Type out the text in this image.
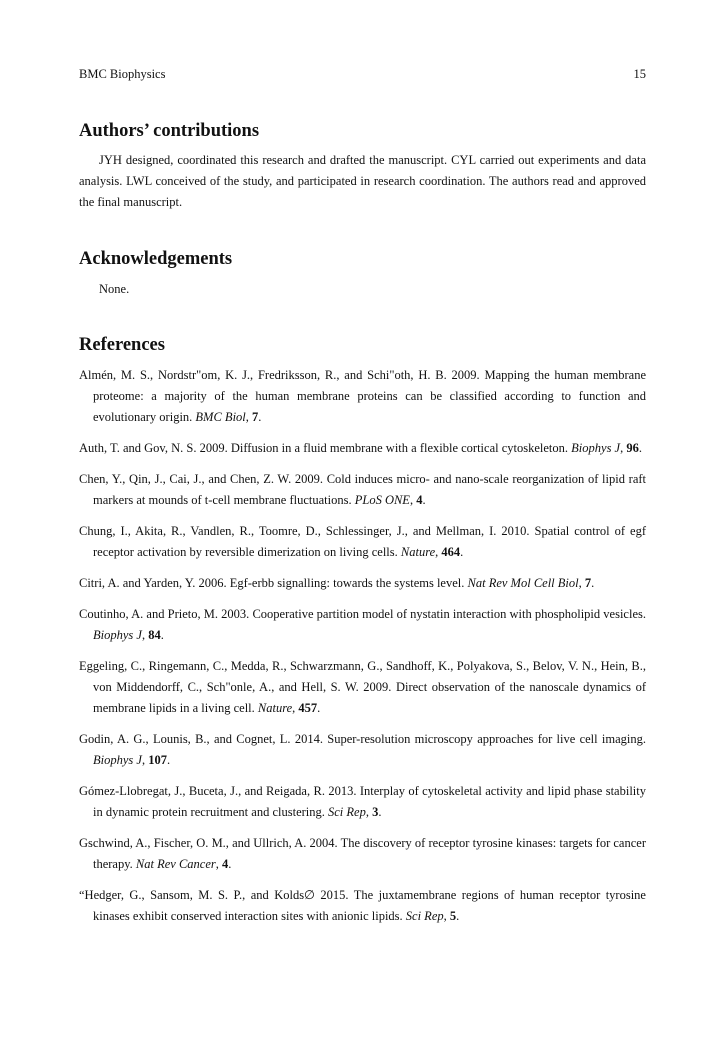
BMC Biophysics	15
Authors’ contributions

JYH designed, coordinated this research and drafted the manuscript. CYL carried out experiments and data analysis. LWL conceived of the study, and participated in research coordination. The authors read and approved the final manuscript.

Acknowledgements

None.

References

Almén, M. S., Nordstr"om, K. J., Fredriksson, R., and Schi"oth, H. B. 2009. Mapping the human membrane proteome: a majority of the human membrane proteins can be classified according to function and evolutionary origin. BMC Biol, 7.

Auth, T. and Gov, N. S. 2009. Diffusion in a fluid membrane with a flexible cortical cytoskeleton. Biophys J, 96.

Chen, Y., Qin, J., Cai, J., and Chen, Z. W. 2009. Cold induces micro- and nano-scale reorganization of lipid raft markers at mounds of t-cell membrane fluctuations. PLoS ONE, 4.

Chung, I., Akita, R., Vandlen, R., Toomre, D., Schlessinger, J., and Mellman, I. 2010. Spatial control of egf receptor activation by reversible dimerization on living cells. Nature, 464.

Citri, A. and Yarden, Y. 2006. Egf-erbb signalling: towards the systems level. Nat Rev Mol Cell Biol, 7.

Coutinho, A. and Prieto, M. 2003. Cooperative partition model of nystatin interaction with phospholipid vesicles. Biophys J, 84.

Eggeling, C., Ringemann, C., Medda, R., Schwarzmann, G., Sandhoff, K., Polyakova, S., Belov, V. N., Hein, B., von Middendorff, C., Sch"onle, A., and Hell, S. W. 2009. Direct observation of the nanoscale dynamics of membrane lipids in a living cell. Nature, 457.

Godin, A. G., Lounis, B., and Cognet, L. 2014. Super-resolution microscopy approaches for live cell imaging. Biophys J, 107.

Gómez-Llobregat, J., Buceta, J., and Reigada, R. 2013. Interplay of cytoskeletal activity and lipid phase stability in dynamic protein recruitment and clustering. Sci Rep, 3.

Gschwind, A., Fischer, O. M., and Ullrich, A. 2004. The discovery of receptor tyrosine kinases: targets for cancer therapy. Nat Rev Cancer, 4.

“Hedger, G., Sansom, M. S. P., and Kolds∅ 2015. The juxtamembrane regions of human receptor tyrosine kinases exhibit conserved interaction sites with anionic lipids. Sci Rep, 5.
